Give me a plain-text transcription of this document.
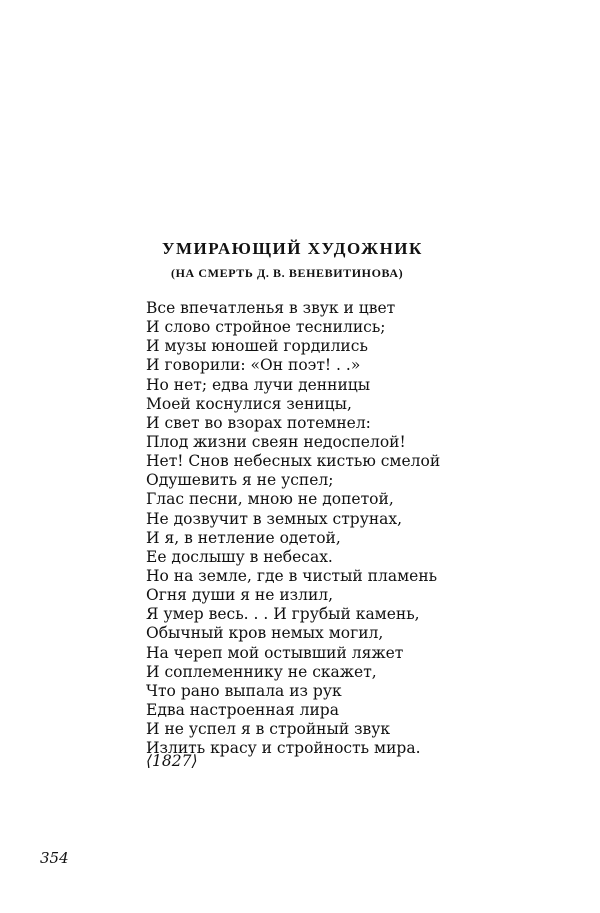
УМИРАЮЩИЙ ХУДОЖНИК
(НА СМЕРТЬ Д. В. ВЕНЕВИТИНОВА)
Все впечатленья в звук и цвет
И слово стройное теснились;
И музы юношей гордились
И говорили: «Он поэт! . .»
Но нет; едва лучи денницы
Моей коснулися зеницы,
И свет во взорах потемнел:
Плод жизни свеян недоспелой!
Нет! Снов небесных кистью смелой
Одушевить я не успел;
Глас песни, мною не допетой,
Не дозвучит в земных струнах,
И я, в нетление одетой,
Ее дослышу в небесах.
Но на земле, где в чистый пламень
Огня души я не излил,
Я умер весь. . . И грубый камень,
Обычный кров немых могил,
На череп мой остывший ляжет
И соплеменнику не скажет,
Что рано выпала из рук
Едва настроенная лира
И не успел я в стройный звук
Излить красу и стройность мира.
⟨1827⟩
354
